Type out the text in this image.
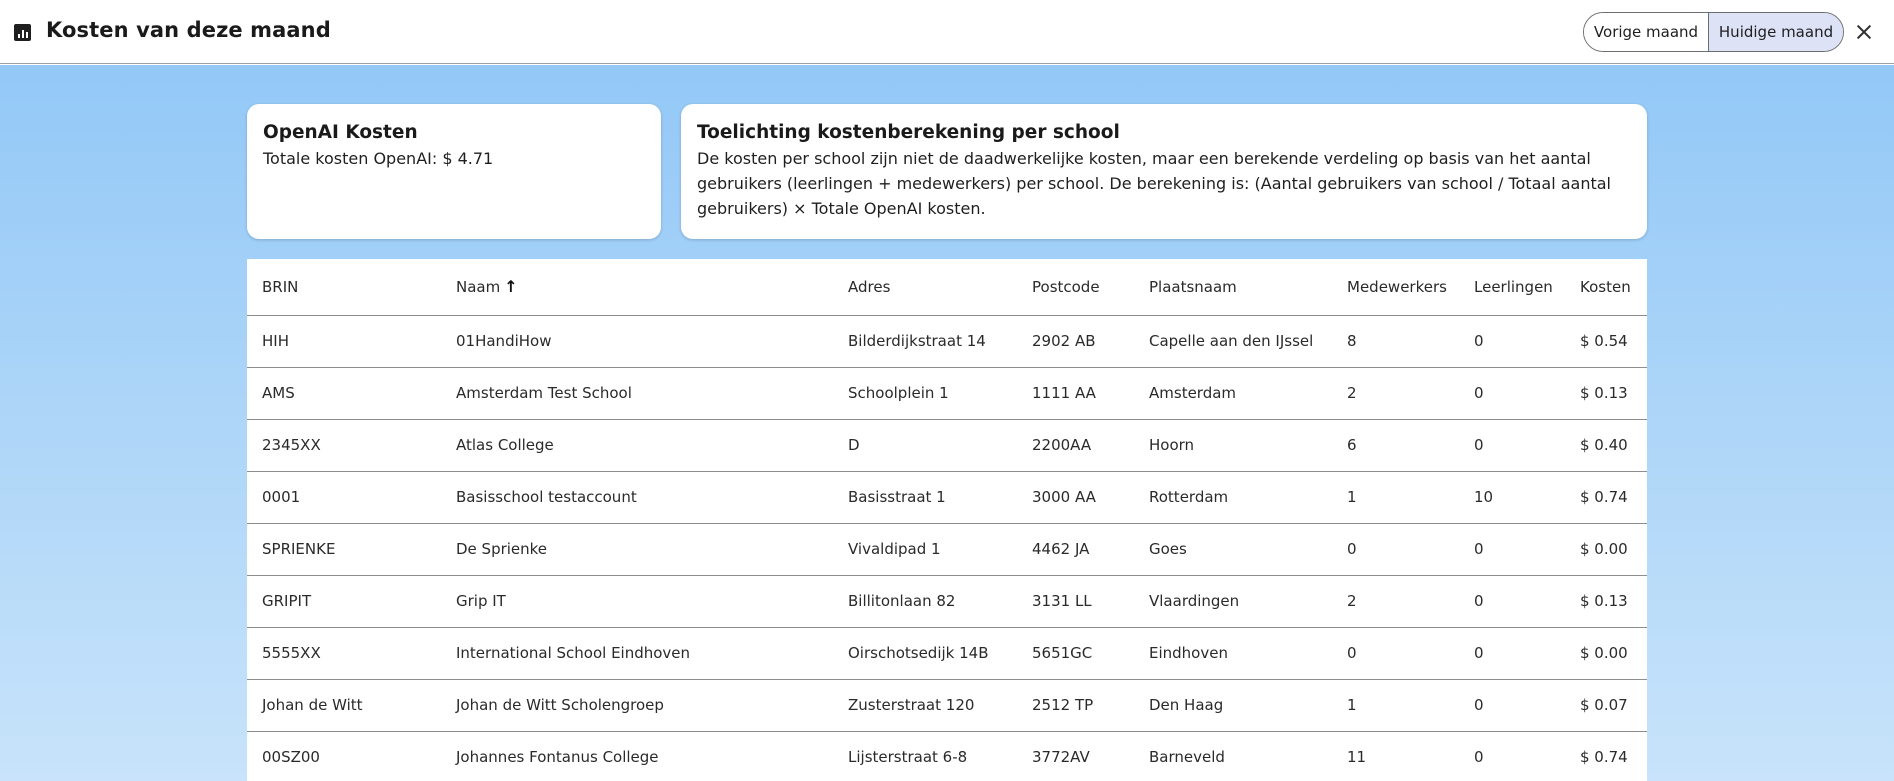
Kosten van deze maand	Vorige maand	Huidige maand
OpenAI Kosten

Totale kosten OpenAI: $ 4.71

Toelichting kostenberekening per school

De kosten per school zijn niet de daadwerkelijke kosten, maar een berekende verdeling op basis van het aantal gebruikers (leerlingen + medewerkers) per school. De berekening is: (Aantal gebruikers van school / Totaal aantal gebruikers) × Totale OpenAI kosten.

BRIN	Naam ↑	Adres	Postcode	Plaatsnaam	Medewerkers	Leerlingen	Kosten
HIH	01HandiHow	Bilderdijkstraat 14	2902 AB	Capelle aan den IJssel	8	0	$ 0.54
AMS	Amsterdam Test School	Schoolplein 1	1111 AA	Amsterdam	2	0	$ 0.13
2345XX	Atlas College	D	2200AA	Hoorn	6	0	$ 0.40
0001	Basisschool testaccount	Basisstraat 1	3000 AA	Rotterdam	1	10	$ 0.74
SPRIENKE	De Sprienke	Vivaldipad 1	4462 JA	Goes	0	0	$ 0.00
GRIPIT	Grip IT	Billitonlaan 82	3131 LL	Vlaardingen	2	0	$ 0.13
5555XX	International School Eindhoven	Oirschotsedijk 14B	5651GC	Eindhoven	0	0	$ 0.00
Johan de Witt	Johan de Witt Scholengroep	Zusterstraat 120	2512 TP	Den Haag	1	0	$ 0.07
00SZ00	Johannes Fontanus College	Lijsterstraat 6-8	3772AV	Barneveld	11	0	$ 0.74
